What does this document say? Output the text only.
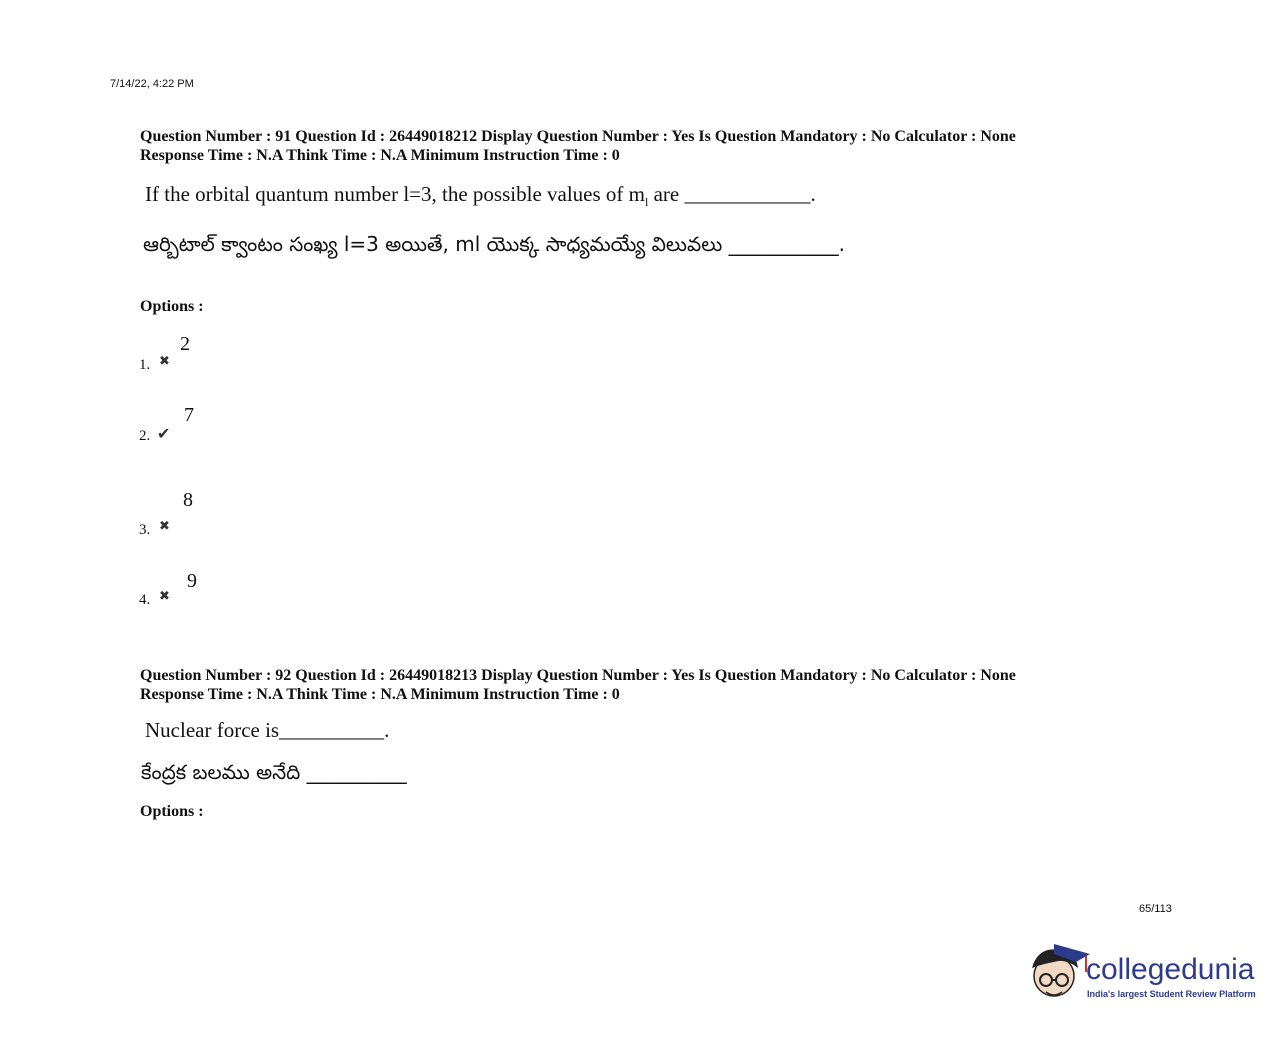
7/14/22, 4:22 PM
Question Number : 91 Question Id : 26449018212 Display Question Number : Yes Is Question Mandatory : No Calculator : None
Response Time : N.A Think Time : N.A Minimum Instruction Time : 0
If the orbital quantum number l=3, the possible values of $m_l$ are ____________.
ఆర్బిటాల్ క్వాంటం సంఖ్య l=3 అయితే, ml యొక్క సాధ్యమయ్యే విలువలు ___________.
Options :
1. ✖
2
2. ✔
7
3. ✖
8
4. ✖
9
Question Number : 92 Question Id : 26449018213 Display Question Number : Yes Is Question Mandatory : No Calculator : None
Response Time : N.A Think Time : N.A Minimum Instruction Time : 0
Nuclear force is__________.
కేంద్రక బలము అనేది __________
Options :
65/113
collegedunia
India's largest Student Review Platform
